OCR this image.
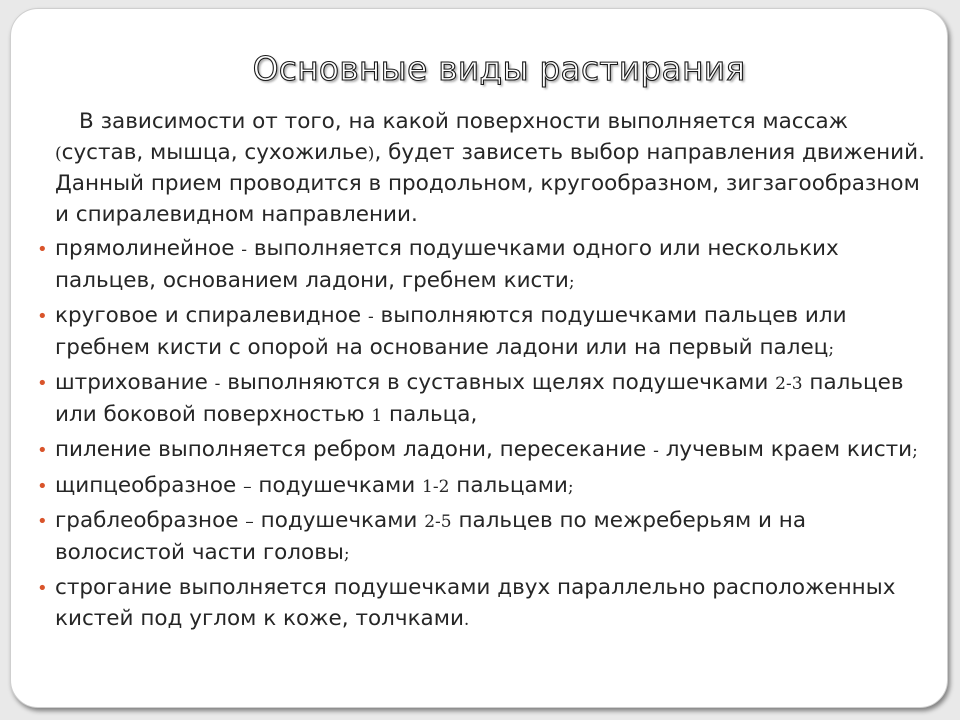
Основные виды растирания

В зависимости от того, на какой поверхности выполняется массаж (сустав, мышца, сухожилье), будет зависеть выбор направления движений. Данный прием проводится в продольном, кругообразном, зигзагообразном и спиралевидном направлении.

• прямолинейное - выполняется подушечками одного или нескольких пальцев, основанием ладони, гребнем кисти;
• круговое и спиралевидное - выполняются подушечками пальцев или гребнем кисти с опорой на основание ладони или на первый палец;
• штрихование - выполняются в суставных щелях подушечками 2-3 пальцев или боковой поверхностью 1 пальца,
• пиление выполняется ребром ладони, пересекание - лучевым краем кисти;
• щипцеобразное – подушечками 1-2 пальцами;
• граблеобразное – подушечками 2-5 пальцев по межреберьям и на волосистой части головы;
• строгание выполняется подушечками двух параллельно расположенных кистей под углом к коже, толчками.
